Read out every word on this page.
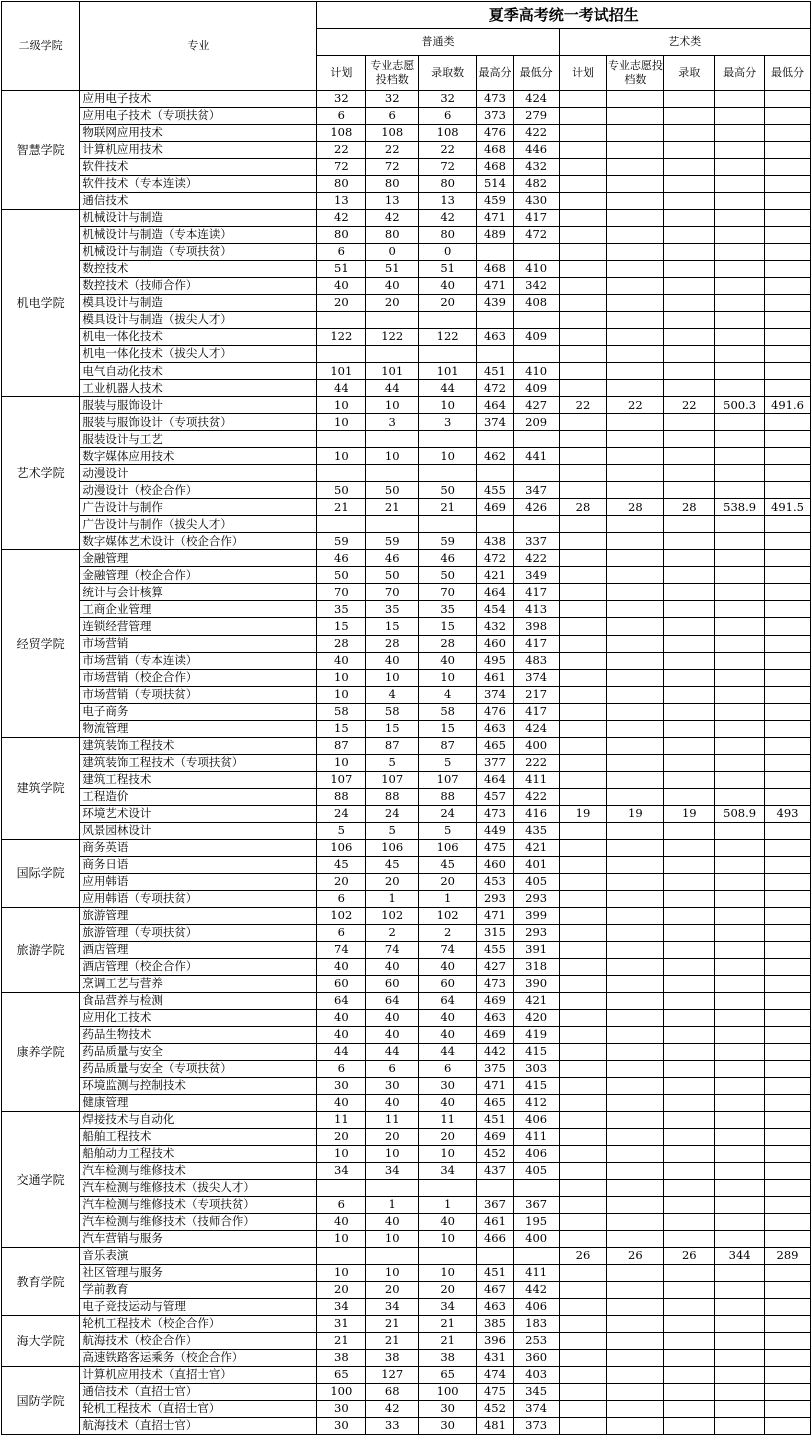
二级学院	专业	夏季高考统一考试招生									
		普通类					艺术类				
		计划	专业志愿投档数	录取数	最高分	最低分	计划	专业志愿投档数	录取	最高分	最低分
智慧学院	应用电子技术	32	32	32	473	424					
	应用电子技术（专项扶贫）	6	6	6	373	279					
	物联网应用技术	108	108	108	476	422					
	计算机应用技术	22	22	22	468	446					
	软件技术	72	72	72	468	432					
	软件技术（专本连读）	80	80	80	514	482					
	通信技术	13	13	13	459	430					
机电学院	机械设计与制造	42	42	42	471	417					
	机械设计与制造（专本连读）	80	80	80	489	472					
	机械设计与制造（专项扶贫）	6	0	0							
	数控技术	51	51	51	468	410					
	数控技术（技师合作）	40	40	40	471	342					
	模具设计与制造	20	20	20	439	408					
	模具设计与制造（拔尖人才）										
	机电一体化技术	122	122	122	463	409					
	机电一体化技术（拔尖人才）										
	电气自动化技术	101	101	101	451	410					
	工业机器人技术	44	44	44	472	409					
艺术学院	服装与服饰设计	10	10	10	464	427	22	22	22	500.3	491.6
	服装与服饰设计（专项扶贫）	10	3	3	374	209					
	服装设计与工艺										
	数字媒体应用技术	10	10	10	462	441					
	动漫设计										
	动漫设计（校企合作）	50	50	50	455	347					
	广告设计与制作	21	21	21	469	426	28	28	28	538.9	491.5
	广告设计与制作（拔尖人才）										
	数字媒体艺术设计（校企合作）	59	59	59	438	337					
经贸学院	金融管理	46	46	46	472	422					
	金融管理（校企合作）	50	50	50	421	349					
	统计与会计核算	70	70	70	464	417					
	工商企业管理	35	35	35	454	413					
	连锁经营管理	15	15	15	432	398					
	市场营销	28	28	28	460	417					
	市场营销（专本连读）	40	40	40	495	483					
	市场营销（校企合作）	10	10	10	461	374					
	市场营销（专项扶贫）	10	4	4	374	217					
	电子商务	58	58	58	476	417					
	物流管理	15	15	15	463	424					
建筑学院	建筑装饰工程技术	87	87	87	465	400					
	建筑装饰工程技术（专项扶贫）	10	5	5	377	222					
	建筑工程技术	107	107	107	464	411					
	工程造价	88	88	88	457	422					
	环境艺术设计	24	24	24	473	416	19	19	19	508.9	493
	风景园林设计	5	5	5	449	435					
国际学院	商务英语	106	106	106	475	421					
	商务日语	45	45	45	460	401					
	应用韩语	20	20	20	453	405					
	应用韩语（专项扶贫）	6	1	1	293	293					
旅游学院	旅游管理	102	102	102	471	399					
	旅游管理（专项扶贫）	6	2	2	315	293					
	酒店管理	74	74	74	455	391					
	酒店管理（校企合作）	40	40	40	427	318					
	烹调工艺与营养	60	60	60	473	390					
康养学院	食品营养与检测	64	64	64	469	421					
	应用化工技术	40	40	40	463	420					
	药品生物技术	40	40	40	469	419					
	药品质量与安全	44	44	44	442	415					
	药品质量与安全（专项扶贫）	6	6	6	375	303					
	环境监测与控制技术	30	30	30	471	415					
	健康管理	40	40	40	465	412					
交通学院	焊接技术与自动化	11	11	11	451	406					
	船舶工程技术	20	20	20	469	411					
	船舶动力工程技术	10	10	10	452	406					
	汽车检测与维修技术	34	34	34	437	405					
	汽车检测与维修技术（拔尖人才）										
	汽车检测与维修技术（专项扶贫）	6	1	1	367	367					
	汽车检测与维修技术（技师合作）	40	40	40	461	195					
	汽车营销与服务	10	10	10	466	400					
教育学院	音乐表演						26	26	26	344	289
	社区管理与服务	10	10	10	451	411					
	学前教育	20	20	20	467	442					
	电子竞技运动与管理	34	34	34	463	406					
海大学院	轮机工程技术（校企合作）	31	21	21	385	183					
	航海技术（校企合作）	21	21	21	396	253					
	高速铁路客运乘务（校企合作）	38	38	38	431	360					
国防学院	计算机应用技术（直招士官）	65	127	65	474	403					
	通信技术（直招士官）	100	68	100	475	345					
	轮机工程技术（直招士官）	30	42	30	452	374					
	航海技术（直招士官）	30	33	30	481	373					
